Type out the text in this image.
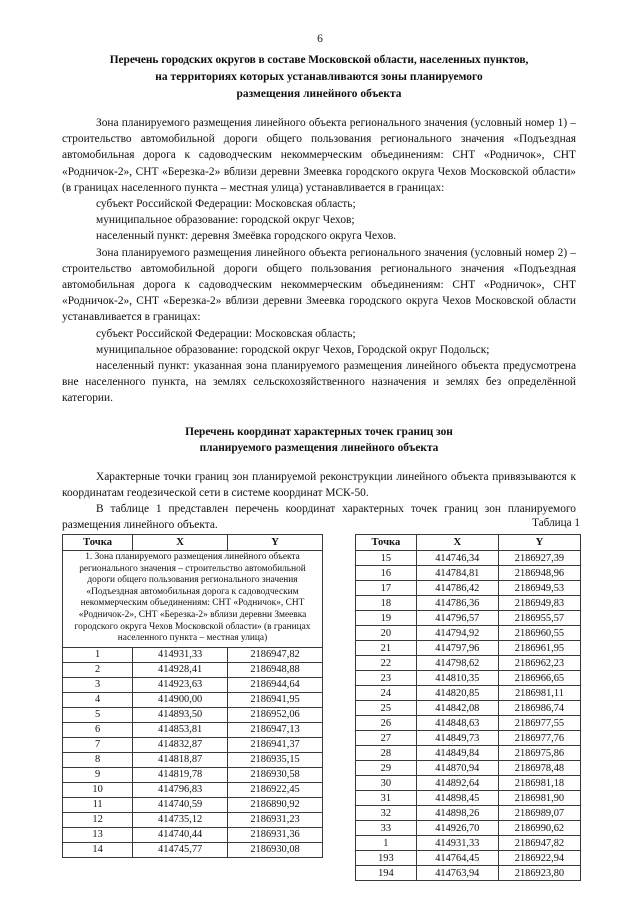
6
Перечень городских округов в составе Московской области, населенных пунктов,
на территориях которых устанавливаются зоны планируемого
размещения линейного объекта

Зона планируемого размещения линейного объекта регионального значения (условный номер 1) – строительство автомобильной дороги общего пользования регионального значения «Подъездная автомобильная дорога к садоводческим некоммерческим объединениям: СНТ «Родничок», СНТ «Родничок-2», СНТ «Березка-2» вблизи деревни Змеевка городского округа Чехов Московской области» (в границах населенного пункта – местная улица) устанавливается в границах:

субъект Российской Федерации: Московская область;

муниципальное образование: городской округ Чехов;

населенный пункт: деревня Змеёвка городского округа Чехов.

Зона планируемого размещения линейного объекта регионального значения (условный номер 2) – строительство автомобильной дороги общего пользования регионального значения «Подъездная автомобильная дорога к садоводческим некоммерческим объединениям: СНТ «Родничок», СНТ «Родничок-2», СНТ «Березка-2» вблизи деревни Змеевка городского округа Чехов Московской области устанавливается в границах:

субъект Российской Федерации: Московская область;

муниципальное образование: городской округ Чехов, Городской округ Подольск;

населенный пункт: указанная зона планируемого размещения линейного объекта предусмотрена вне населенного пункта, на землях сельскохозяйственного назначения и землях без определённой категории.

Перечень координат характерных точек границ зон
планируемого размещения линейного объекта

Характерные точки границ зон планируемой реконструкции линейного объекта привязываются к координатам геодезической сети в системе координат МСК-50.

В таблице 1 представлен перечень координат характерных точек границ зон планируемого размещения линейного объекта.	Таблица 1
Точка	X	Y
1. Зона планируемого размещения линейного объекта регионального значения – строительство автомобильной дороги общего пользования регионального значения «Подъездная автомобильная дорога к садоводческим некоммерческим объединениям: СНТ «Родничок», СНТ «Родничок-2», СНТ «Березка-2» вблизи деревни Змеевка городского округа Чехов Московской области» (в границах населенного пункта – местная улица)		
1	414931,33	2186947,82
2	414928,41	2186948,88
3	414923,63	2186944,64
4	414900,00	2186941,95
5	414893,50	2186952,06
6	414853,81	2186947,13
7	414832,87	2186941,37
8	414818,87	2186935,15
9	414819,78	2186930,58
10	414796,83	2186922,45
11	414740,59	2186890,92
12	414735,12	2186931,23
13	414740,44	2186931,36
14	414745,77	2186930,08
Точка	X	Y
15	414746,34	2186927,39
16	414784,81	2186948,96
17	414786,42	2186949,53
18	414786,36	2186949,83
19	414796,57	2186955,57
20	414794,92	2186960,55
21	414797,96	2186961,95
22	414798,62	2186962,23
23	414810,35	2186966,65
24	414820,85	2186981,11
25	414842,08	2186986,74
26	414848,63	2186977,55
27	414849,73	2186977,76
28	414849,84	2186975,86
29	414870,94	2186978,48
30	414892,64	2186981,18
31	414898,45	2186981,90
32	414898,26	2186989,07
33	414926,70	2186990,62
1	414931,33	2186947,82
193	414764,45	2186922,94
194	414763,94	2186923,80
